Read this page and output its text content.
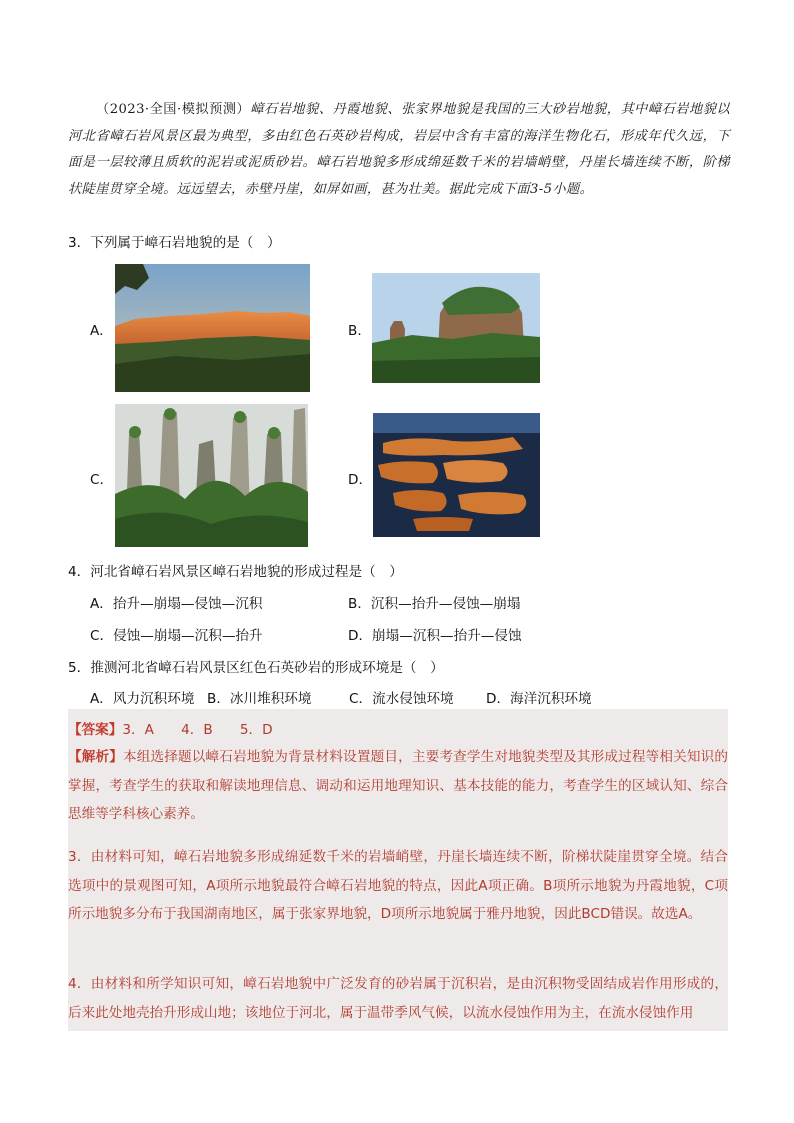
（2023·全国·模拟预测）嶂石岩地貌、丹霞地貌、张家界地貌是我国的三大砂岩地貌，其中嶂石岩地貌以河北省嶂石岩风景区最为典型，多由红色石英砂岩构成，岩层中含有丰富的海洋生物化石，形成年代久远，下面是一层较薄且质软的泥岩或泥质砂岩。嶂石岩地貌多形成绵延数千米的岩墙峭壁，丹崖长墙连续不断，阶梯状陡崖贯穿全境。远远望去，赤壁丹崖，如屏如画，甚为壮美。据此完成下面3-5小题。

3．下列属于嶂石岩地貌的是（　）
A．	B．
C．	D．
4．河北省嶂石岩风景区嶂石岩地貌的形成过程是（　）
A．抬升—崩塌—侵蚀—沉积	B．沉积—抬升—侵蚀—崩塌
C．侵蚀—崩塌—沉积—抬升	D．崩塌—沉积—抬升—侵蚀
5．推测河北省嶂石岩风景区红色石英砂岩的形成环境是（　）
A．风力沉积环境 B．冰川堆积环境	C．流水侵蚀环境 D．海洋沉积环境
【答案】3．A　　4．B　　5．D
【解析】本组选择题以嶂石岩地貌为背景材料设置题目，主要考查学生对地貌类型及其形成过程等相关知识的掌握，考查学生的获取和解读地理信息、调动和运用地理知识、基本技能的能力，考查学生的区域认知、综合思维等学科核心素养。
3．由材料可知，嶂石岩地貌多形成绵延数千米的岩墙峭壁，丹崖长墙连续不断，阶梯状陡崖贯穿全境。结合选项中的景观图可知，A项所示地貌最符合嶂石岩地貌的特点，因此A项正确。B项所示地貌为丹霞地貌，C项所示地貌多分布于我国湖南地区，属于张家界地貌，D项所示地貌属于雅丹地貌，因此BCD错误。故选A。
4．由材料和所学知识可知，嶂石岩地貌中广泛发育的砂岩属于沉积岩，是由沉积物受固结成岩作用形成的，后来此处地壳抬升形成山地；该地位于河北，属于温带季风气候，以流水侵蚀作用为主，在流水侵蚀作用
